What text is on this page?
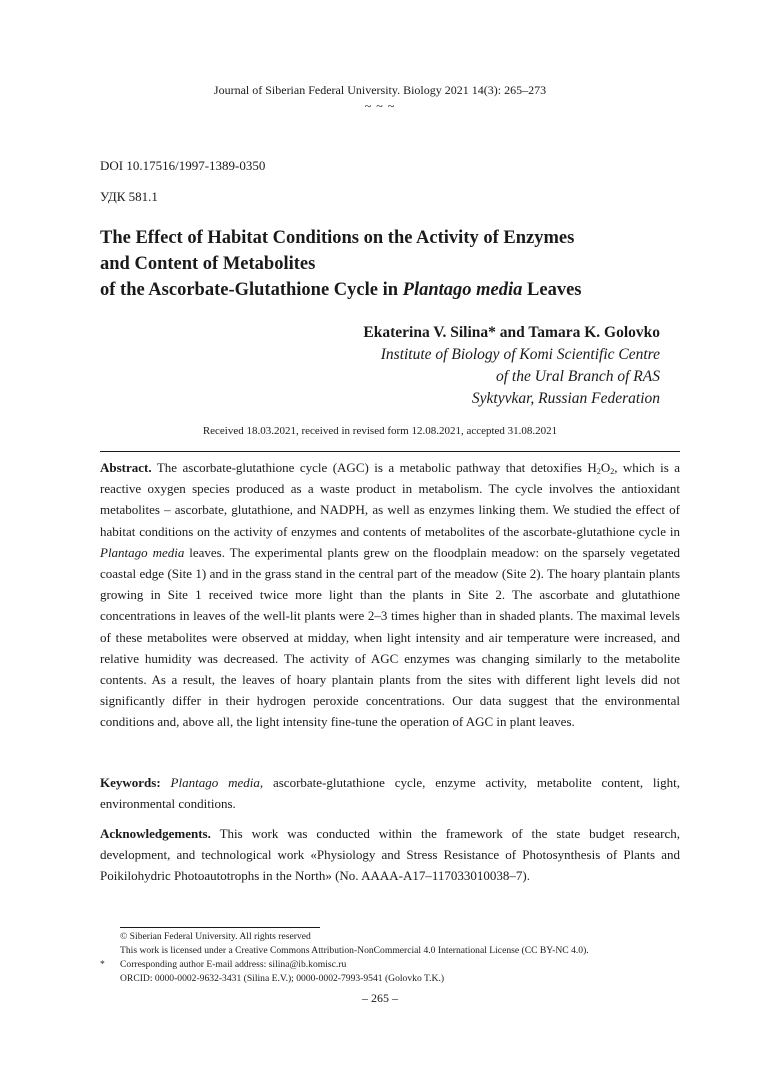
Journal of Siberian Federal University. Biology 2021 14(3): 265–273
~ ~ ~
DOI 10.17516/1997-1389-0350
УДК 581.1
The Effect of Habitat Conditions on the Activity of Enzymes
and Content of Metabolites
of the Ascorbate-Glutathione Cycle in Plantago media Leaves
Ekaterina V. Silina* and Tamara K. Golovko
Institute of Biology of Komi Scientific Centre
of the Ural Branch of RAS
Syktyvkar, Russian Federation
Received 18.03.2021, received in revised form 12.08.2021, accepted 31.08.2021
Abstract. The ascorbate-glutathione cycle (AGC) is a metabolic pathway that detoxifies $H_2O_2$, which is a reactive oxygen species produced as a waste product in metabolism. The cycle involves the antioxidant metabolites – ascorbate, glutathione, and NADPH, as well as enzymes linking them. We studied the effect of habitat conditions on the activity of enzymes and contents of metabolites of the ascorbate-glutathione cycle in Plantago media leaves. The experimental plants grew on the floodplain meadow: on the sparsely vegetated coastal edge (Site 1) and in the grass stand in the central part of the meadow (Site 2). The hoary plantain plants growing in Site 1 received twice more light than the plants in Site 2. The ascorbate and glutathione concentrations in leaves of the well-lit plants were 2–3 times higher than in shaded plants. The maximal levels of these metabolites were observed at midday, when light intensity and air temperature were increased, and relative humidity was decreased. The activity of AGC enzymes was changing similarly to the metabolite contents. As a result, the leaves of hoary plantain plants from the sites with different light levels did not significantly differ in their hydrogen peroxide concentrations. Our data suggest that the environmental conditions and, above all, the light intensity fine-tune the operation of AGC in plant leaves.
Keywords: Plantago media, ascorbate-glutathione cycle, enzyme activity, metabolite content, light, environmental conditions.
Acknowledgements. This work was conducted within the framework of the state budget research, development, and technological work «Physiology and Stress Resistance of Photosynthesis of Plants and Poikilohydric Photoautotrophs in the North» (No. AAAA-A17–117033010038–7).
© Siberian Federal University. All rights reserved
This work is licensed under a Creative Commons Attribution-NonCommercial 4.0 International License (CC BY-NC 4.0).
* Corresponding author E-mail address: silina@ib.komisc.ru
ORCID: 0000-0002-9632-3431 (Silina E.V.); 0000-0002-7993-9541 (Golovko T.K.)
– 265 –
